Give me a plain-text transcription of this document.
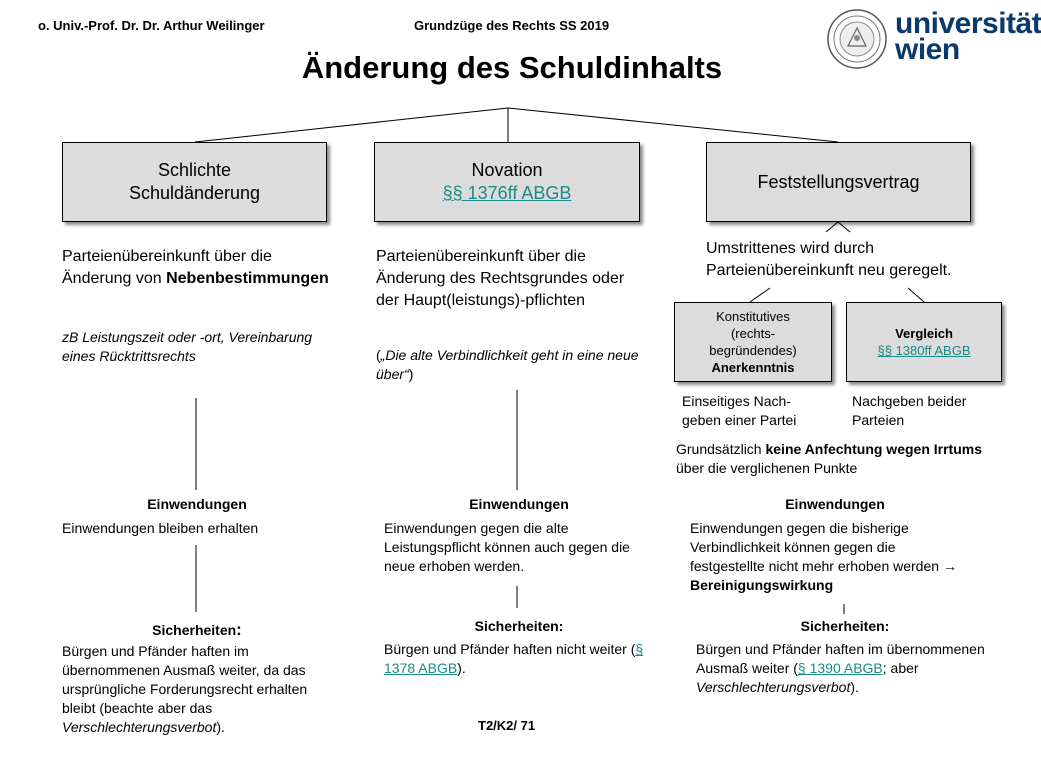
o. Univ.-Prof. Dr. Dr. Arthur Weilinger	Grundzüge des Rechts SS 2019	universität
wien
Änderung des Schuldinhalts
Schlichte
Schuldänderung
Novation
§§ 1376ff ABGB
Feststellungsvertrag
Parteienübereinkunft über die Änderung von Nebenbestimmungen
zB Leistungszeit oder -ort, Vereinbarung eines Rücktrittsrechts
Parteienübereinkunft über die Änderung des Rechtsgrundes oder der Haupt(leistungs)-pflichten
(„Die alte Verbindlichkeit geht in eine neue über“)
Umstrittenes wird durch Parteienübereinkunft neu geregelt.
Konstitutives
(rechts-
begründendes)
Anerkenntnis
Vergleich
§§ 1380ff ABGB
Einseitiges Nach-geben einer Partei
Nachgeben beider Parteien
Grundsätzlich keine Anfechtung wegen Irrtums über die verglichenen Punkte
Einwendungen
Einwendungen bleiben erhalten
Einwendungen
Einwendungen gegen die alte Leistungspflicht können auch gegen die neue erhoben werden.
Einwendungen
Einwendungen gegen die bisherige Verbindlichkeit können gegen die festgestellte nicht mehr erhoben werden → Bereinigungswirkung
Sicherheiten:
Bürgen und Pfänder haften im übernommenen Ausmaß weiter, da das ursprüngliche Forderungsrecht erhalten bleibt (beachte aber das Verschlechterungsverbot).
Sicherheiten:
Bürgen und Pfänder haften nicht weiter (§ 1378 ABGB).
Sicherheiten:
Bürgen und Pfänder haften im übernommenen Ausmaß weiter (§ 1390 ABGB; aber Verschlechterungsverbot).
T2/K2/ 71
